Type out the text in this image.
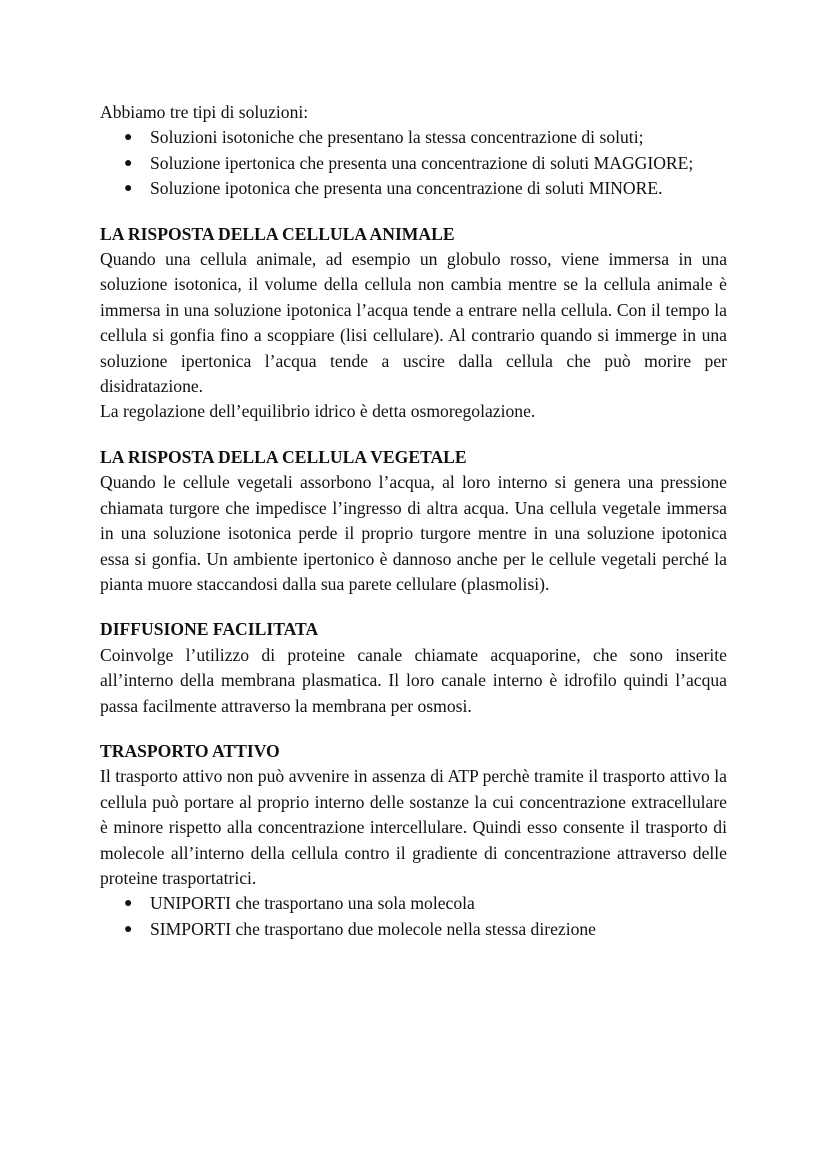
Abbiamo tre tipi di soluzioni:

● Soluzioni isotoniche che presentano la stessa concentrazione di soluti;
● Soluzione ipertonica che presenta una concentrazione di soluti MAGGIORE;
● Soluzione ipotonica che presenta una concentrazione di soluti MINORE.
LA RISPOSTA DELLA CELLULA ANIMALE

Quando una cellula animale, ad esempio un globulo rosso, viene immersa in una soluzione isotonica, il volume della cellula non cambia mentre se la cellula animale è immersa in una soluzione ipotonica l’acqua tende a entrare nella cellula. Con il tempo la cellula si gonfia fino a scoppiare (lisi cellulare). Al contrario quando si immerge in una soluzione ipertonica l’acqua tende a uscire dalla cellula che può morire per disidratazione.

La regolazione dell’equilibrio idrico è detta osmoregolazione.

LA RISPOSTA DELLA CELLULA VEGETALE

Quando le cellule vegetali assorbono l’acqua, al loro interno si genera una pressione chiamata turgore che impedisce l’ingresso di altra acqua. Una cellula vegetale immersa in una soluzione isotonica perde il proprio turgore mentre in una soluzione ipotonica essa si gonfia. Un ambiente ipertonico è dannoso anche per le cellule vegetali perché la pianta muore staccandosi dalla sua parete cellulare (plasmolisi).

DIFFUSIONE FACILITATA

Coinvolge l’utilizzo di proteine canale chiamate acquaporine, che sono inserite all’interno della membrana plasmatica. Il loro canale interno è idrofilo quindi l’acqua passa facilmente attraverso la membrana per osmosi.

TRASPORTO ATTIVO

Il trasporto attivo non può avvenire in assenza di ATP perchè tramite il trasporto attivo la cellula può portare al proprio interno delle sostanze la cui concentrazione extracellulare è minore rispetto alla concentrazione intercellulare. Quindi esso consente il trasporto di molecole all’interno della cellula contro il gradiente di concentrazione attraverso delle proteine trasportatrici.

● UNIPORTI che trasportano una sola molecola
● SIMPORTI che trasportano due molecole nella stessa direzione
